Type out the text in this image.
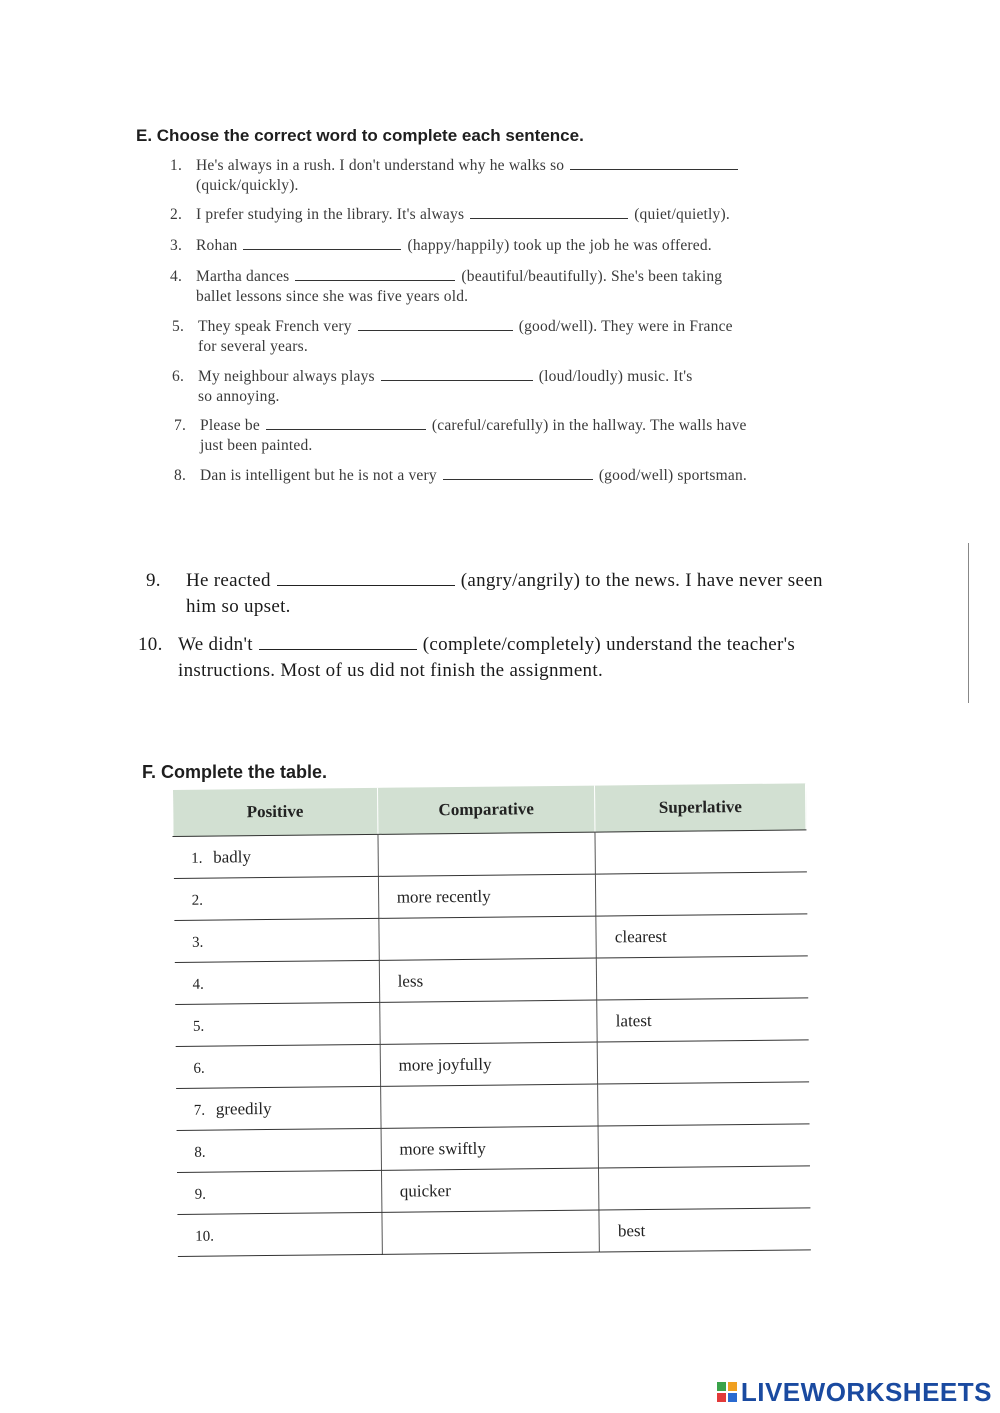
E. Choose the correct word to complete each sentence.
1. He's always in a rush. I don't understand why he walks so
(quick/quickly).
2. I prefer studying in the library. It's always	(quiet/quietly).
3. Rohan	(happy/happily) took up the job he was offered.
4. Martha dances	(beautiful/beautifully). She's been taking
ballet lessons since she was five years old.
5. They speak French very	(good/well). They were in France
for several years.
6. My neighbour always plays	(loud/loudly) music. It's
so annoying.
7. Please be	(careful/carefully) in the hallway. The walls have
just been painted.
8. Dan is intelligent but he is not a very	(good/well) sportsman.
9. He reacted	(angry/angrily) to the news. I have never seen
him so upset.
10. We didn't	(complete/completely) understand the teacher's
instructions. Most of us did not finish the assignment.
F. Complete the table.
Positive	Comparative	Superlative
1. badly		
2.	more recently	
3.		clearest
4.	less	
5.		latest
6.	more joyfully	
7. greedily		
8.	more swiftly	
9.	quicker	
10.		best
LIVEWORKSHEETS
